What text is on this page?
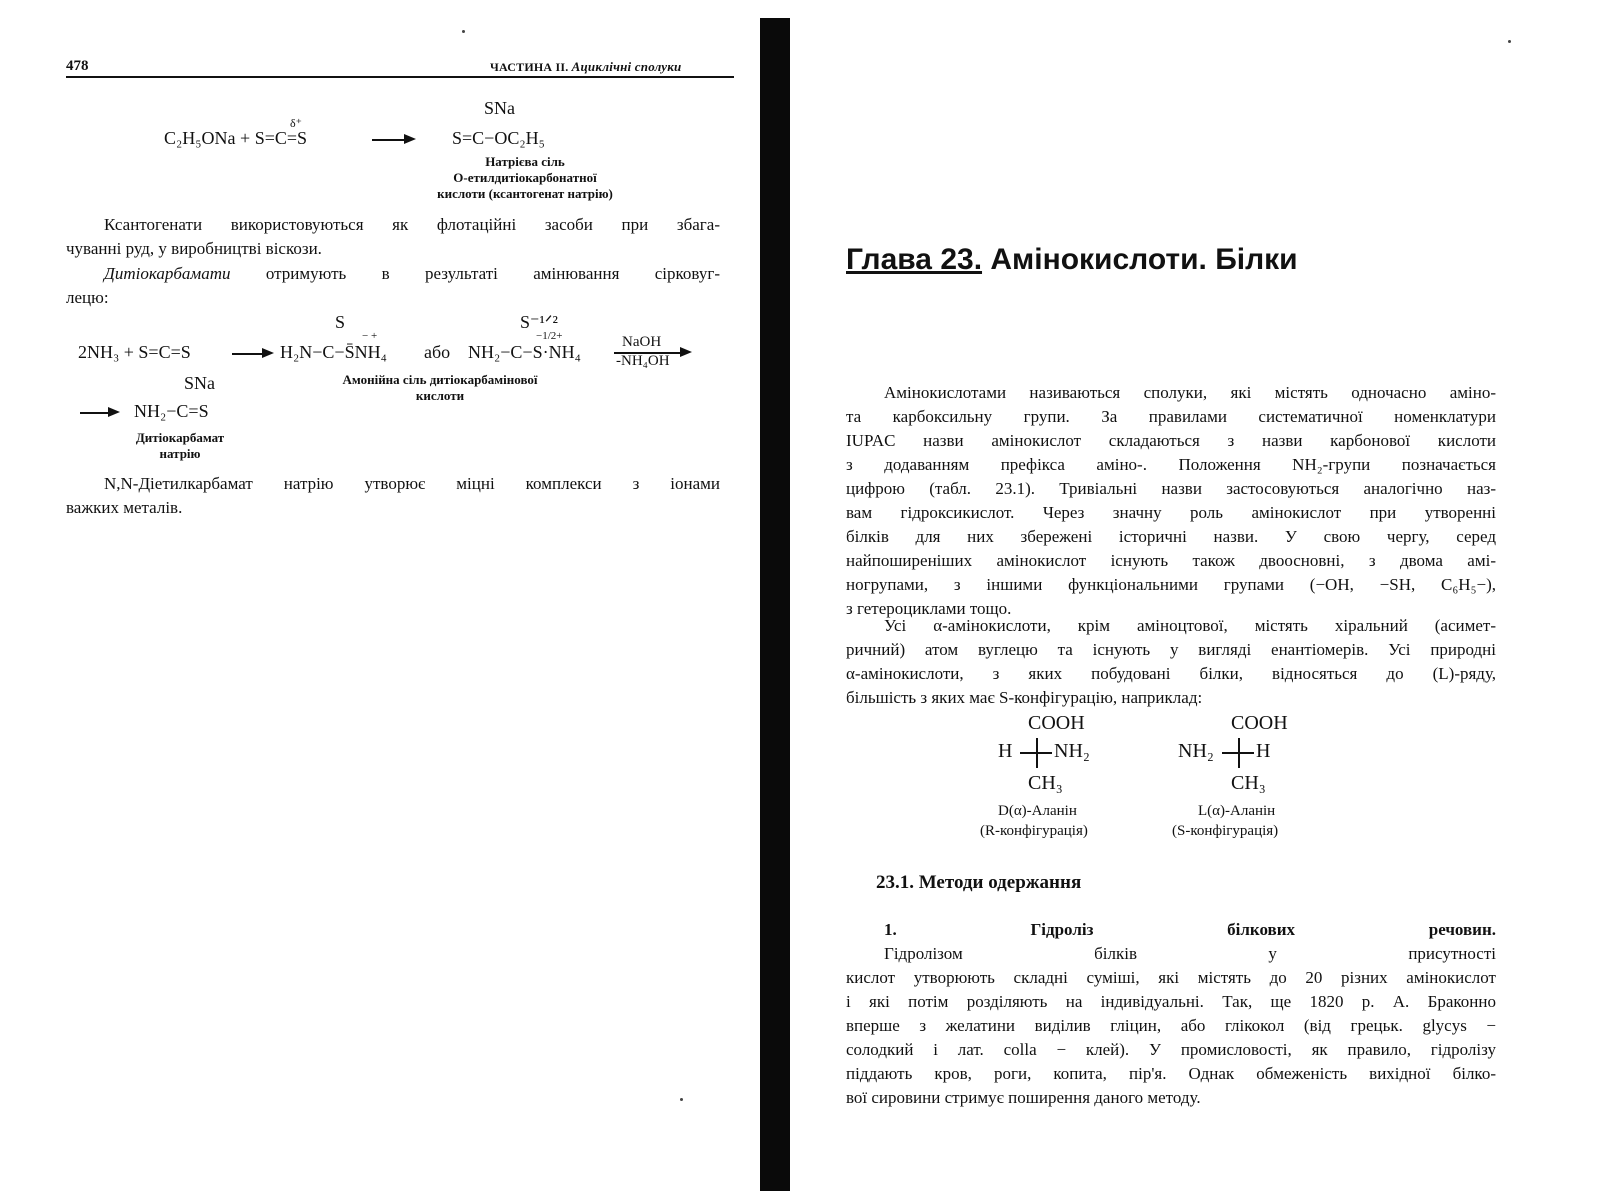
478	ЧАСТИНА II. Ациклічні сполуки
C₂H₅ONa + S=C=S
δ⁺
SNa
S=C−OC₂H₅
Натрієва сіль
O-етилдитіокарбонатної
кислоти (ксантогенат натрію)
Ксантогенати використовуються як флотаційні засоби при збага-
чуванні руд, у виробництві віскози.
Дитіокарбамати отримують в результаті амінювання сірковуг-
лецю:
2NH₃ + S=C=S
S
− +
H₂N−C−S̄NH₄ або
S⁻¹ᐟ²
−1/2+
NH₂−C−S·NH₄	NaOH
-NH₄OH
Амонійна сіль дитіокарбамінової
кислоти
SNa
NH₂−C=S
Дитіокарбамат
натрію
N,N-Діетилкарбамат натрію утворює міцні комплекси з іонами
важких металів.
Глава 23. Амінокислоти. Білки
Амінокислотами називаються сполуки, які містять одночасно аміно-
та карбоксильну групи. За правилами систематичної номенклатури
IUPAC назви амінокислот складаються з назви карбонової кислоти
з додаванням префікса аміно-. Положення NH₂-групи позначається
цифрою (табл. 23.1). Тривіальні назви застосовуються аналогічно наз-
вам гідроксикислот. Через значну роль амінокислот при утворенні
білків для них збережені історичні назви. У свою чергу, серед
найпоширеніших амінокислот існують також двоосновні, з двома амі-
ногрупами, з іншими функціональними групами (−OH, −SH, C₆H₅−),
з гетероциклами тощо.
Усі α-амінокислоти, крім аміноцтової, містять хіральний (асимет-
ричний) атом вуглецю та існують у вигляді енантіомерів. Усі природні
α-амінокислоти, з яких побудовані білки, відносяться до (L)-ряду,
більшість з яких має S-конфігурацію, наприклад:
COOH
H NH₂
CH₃
D(α)-Аланін
(R-конфігурація)
COOH
NH₂ H
CH₃
L(α)-Аланін
(S-конфігурація)
23.1. Методи одержання
1. Гідроліз білкових речовин.
Гідролізом білків у присутності
кислот утворюють складні суміші, які містять до 20 різних амінокислот
і які потім розділяють на індивідуальні. Так, ще 1820 р. А. Браконно
вперше з желатини виділив гліцин, або глікокол (від грецьк. glycys −
солодкий і лат. colla − клей). У промисловості, як правило, гідролізу
піддають кров, роги, копита, пір'я. Однак обмеженість вихідної білко-
вої сировини стримує поширення даного методу.
